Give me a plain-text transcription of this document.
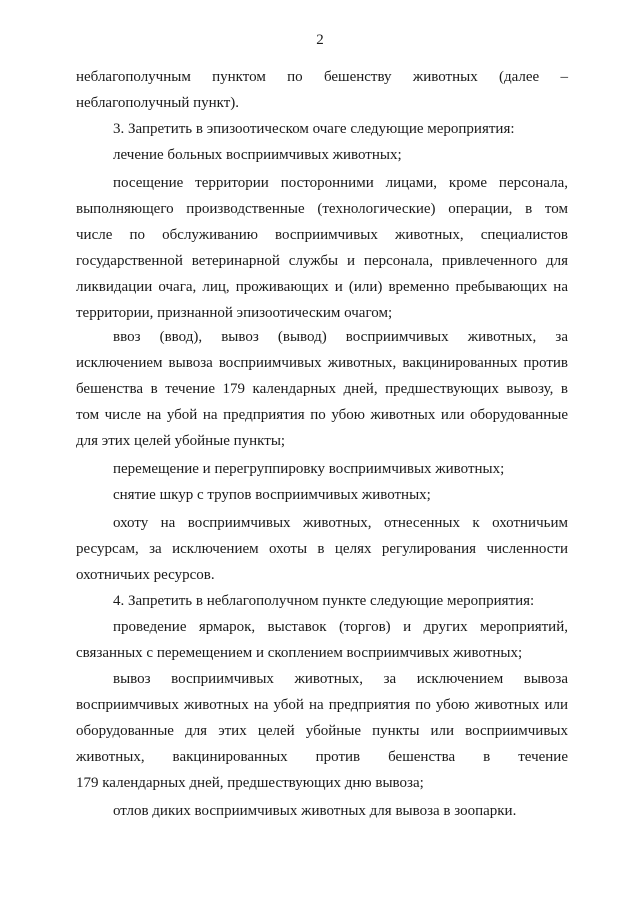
2
неблагополучным пунктом по бешенству животных (далее –
неблагополучный пункт).
3. Запретить в эпизоотическом очаге следующие мероприятия:
лечение больных восприимчивых животных;
посещение территории посторонними лицами, кроме персонала,
выполняющего производственные (технологические) операции, в том
числе по обслуживанию восприимчивых животных, специалистов
государственной ветеринарной службы и персонала, привлеченного для
ликвидации очага, лиц, проживающих и (или) временно пребывающих на
территории, признанной эпизоотическим очагом;
ввоз (ввод), вывоз (вывод) восприимчивых животных, за
исключением вывоза восприимчивых животных, вакцинированных против
бешенства в течение 179 календарных дней, предшествующих вывозу, в
том числе на убой на предприятия по убою животных или оборудованные
для этих целей убойные пункты;
перемещение и перегруппировку восприимчивых животных;
снятие шкур с трупов восприимчивых животных;
охоту на восприимчивых животных, отнесенных к охотничьим
ресурсам, за исключением охоты в целях регулирования численности
охотничьих ресурсов.
4. Запретить в неблагополучном пункте следующие мероприятия:
проведение ярмарок, выставок (торгов) и других мероприятий,
связанных с перемещением и скоплением восприимчивых животных;
вывоз восприимчивых животных, за исключением вывоза
восприимчивых животных на убой на предприятия по убою животных или
оборудованные для этих целей убойные пункты или восприимчивых
животных, вакцинированных против бешенства в течение
179 календарных дней, предшествующих дню вывоза;
отлов диких восприимчивых животных для вывоза в зоопарки.
